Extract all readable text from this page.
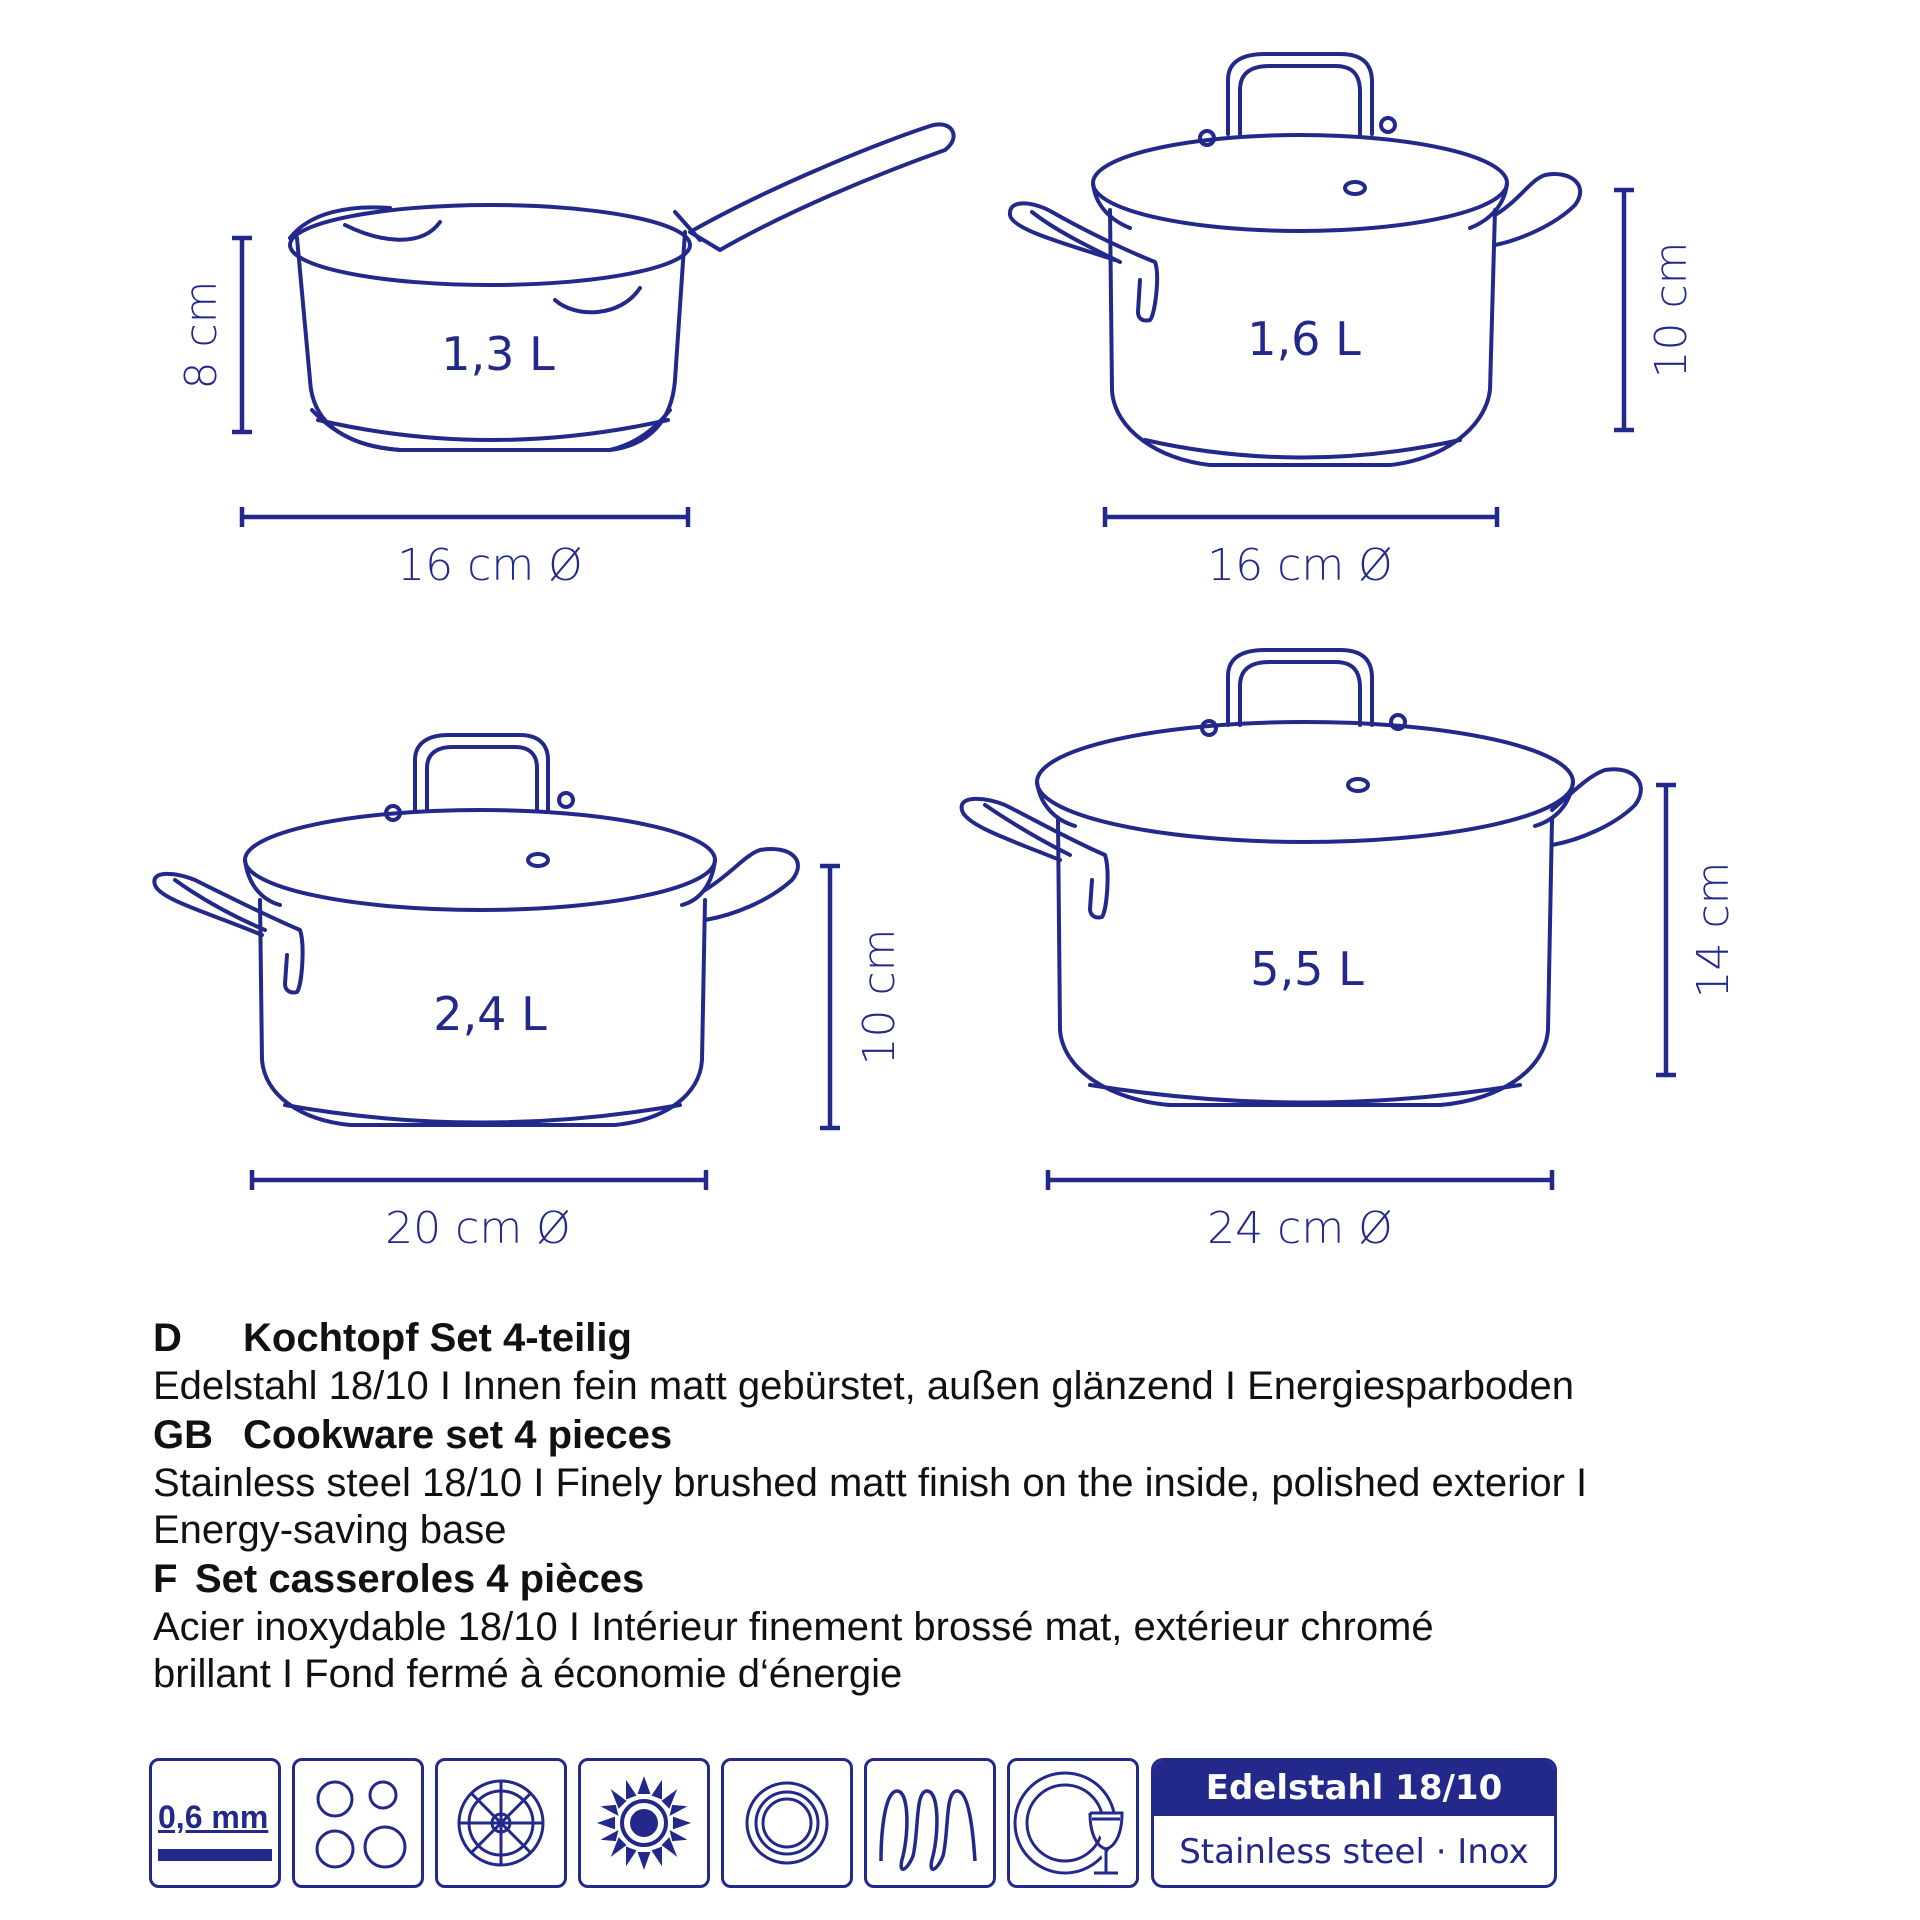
1,3 L
16 cm Ø
8 cm	1,6 L
16 cm Ø
10 cm
2,4 L
20 cm Ø
10 cm	5,5 L
24 cm Ø
14 cm
D Kochtopf Set 4-teilig
Edelstahl 18/10 I Innen fein matt gebürstet, außen glänzend I Energiesparboden
GB Cookware set 4 pieces
Stainless steel 18/10 I Finely brushed matt finish on the inside, polished exterior I
Energy-saving base
F Set casseroles 4 pièces
Acier inoxydable 18/10 I Intérieur finement brossé mat, extérieur chromé
brillant I Fond fermé à économie d‘énergie
0,6 mm
Edelstahl 18/10
Stainless steel · Inox
